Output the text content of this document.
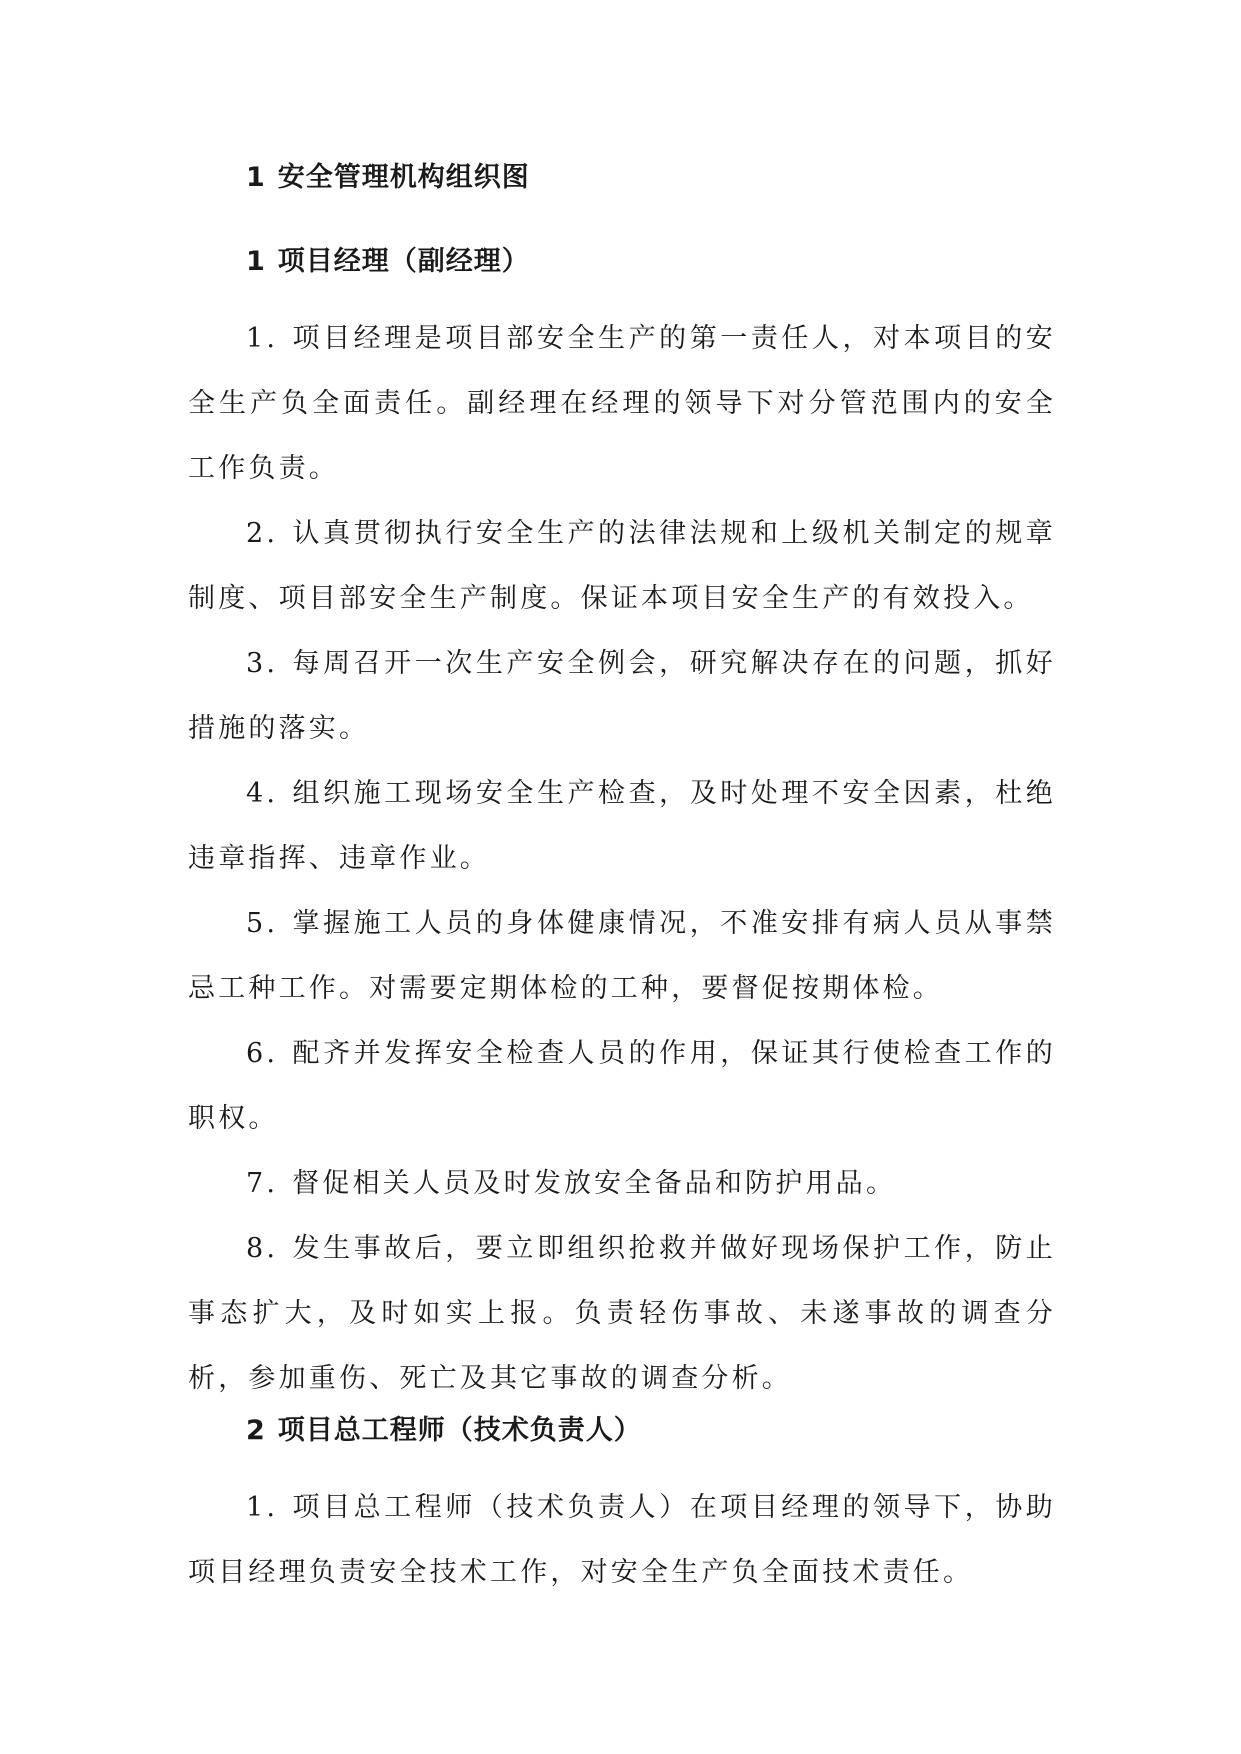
1 安全管理机构组织图
1 项目经理（副经理）

1. 项目经理是项目部安全生产的第一责任人，对本项目的安全生产负全面责任。副经理在经理的领导下对分管范围内的安全工作负责。

2. 认真贯彻执行安全生产的法律法规和上级机关制定的规章制度、项目部安全生产制度。保证本项目安全生产的有效投入。

3. 每周召开一次生产安全例会，研究解决存在的问题，抓好措施的落实。

4. 组织施工现场安全生产检查，及时处理不安全因素，杜绝违章指挥、违章作业。

5. 掌握施工人员的身体健康情况，不准安排有病人员从事禁忌工种工作。对需要定期体检的工种，要督促按期体检。

6. 配齐并发挥安全检查人员的作用，保证其行使检查工作的职权。

7. 督促相关人员及时发放安全备品和防护用品。

8. 发生事故后，要立即组织抢救并做好现场保护工作，防止事态扩大，及时如实上报。负责轻伤事故、未遂事故的调查分析，参加重伤、死亡及其它事故的调查分析。

2 项目总工程师（技术负责人）

1. 项目总工程师（技术负责人）在项目经理的领导下，协助项目经理负责安全技术工作，对安全生产负全面技术责任。
